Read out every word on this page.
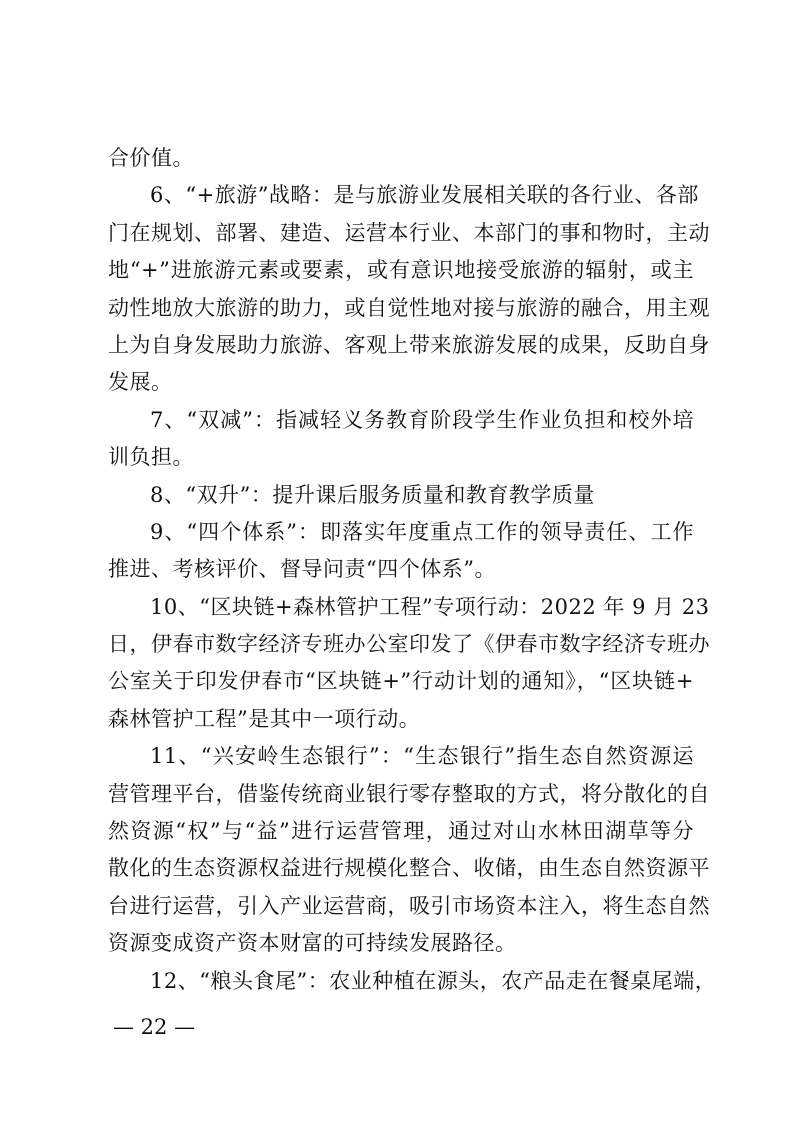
合价值。
6、“+旅游”战略：是与旅游业发展相关联的各行业、各部
门在规划、部署、建造、运营本行业、本部门的事和物时，主动
地“+”进旅游元素或要素，或有意识地接受旅游的辐射，或主
动性地放大旅游的助力，或自觉性地对接与旅游的融合，用主观
上为自身发展助力旅游、客观上带来旅游发展的成果，反助自身
发展。
7、“双减”：指减轻义务教育阶段学生作业负担和校外培
训负担。
8、“双升”：提升课后服务质量和教育教学质量
9、“四个体系”：即落实年度重点工作的领导责任、工作
推进、考核评价、督导问责“四个体系”。
10、“区块链+森林管护工程”专项行动：2022 年 9 月 23
日，伊春市数字经济专班办公室印发了《伊春市数字经济专班办
公室关于印发伊春市“区块链+”行动计划的通知》，“区块链+
森林管护工程”是其中一项行动。
11、“兴安岭生态银行”：“生态银行”指生态自然资源运
营管理平台，借鉴传统商业银行零存整取的方式，将分散化的自
然资源“权”与“益”进行运营管理，通过对山水林田湖草等分
散化的生态资源权益进行规模化整合、收储，由生态自然资源平
台进行运营，引入产业运营商，吸引市场资本注入，将生态自然
资源变成资产资本财富的可持续发展路径。
12、“粮头食尾”：农业种植在源头，农产品走在餐桌尾端，
— 22 —
